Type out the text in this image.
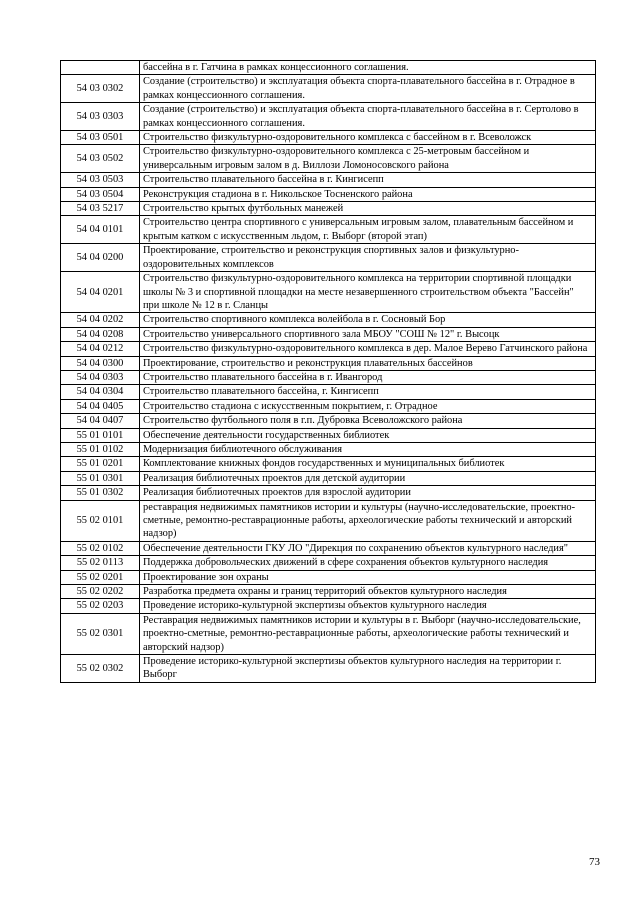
	бассейна в г. Гатчина в рамках концессионного соглашения.
54 03 0302	Создание (строительство) и эксплуатация объекта спорта-плавательного бассейна в г. Отрадное в рамках концессионного соглашения.
54 03 0303	Создание (строительство) и эксплуатация объекта спорта-плавательного бассейна в г. Сертолово в рамках концессионного соглашения.
54 03 0501	Строительство физкультурно-оздоровительного комплекса с бассейном в г. Всеволожск
54 03 0502	Строительство физкультурно-оздоровительного комплекса с 25-метровым бассейном и универсальным игровым залом в д. Виллози Ломоносовского района
54 03 0503	Строительство плавательного бассейна в г. Кингисепп
54 03 0504	Реконструкция стадиона в г. Никольское Тосненского района
54 03 5217	Строительство крытых футбольных манежей
54 04 0101	Строительство центра спортивного с универсальным игровым залом, плавательным бассейном и крытым катком с искусственным льдом, г. Выборг (второй этап)
54 04 0200	Проектирование, строительство и реконструкция спортивных залов и физкультурно-оздоровительных комплексов
54 04 0201	Строительство физкультурно-оздоровительного комплекса на территории спортивной площадки школы № 3 и спортивной площадки на месте незавершенного строительством объекта "Бассейн" при школе № 12 в г. Сланцы
54 04 0202	Строительство спортивного комплекса волейбола в г. Сосновый Бор
54 04 0208	Строительство универсального спортивного зала МБОУ "СОШ № 12" г. Высоцк
54 04 0212	Строительство физкультурно-оздоровительного комплекса в дер. Малое Верево Гатчинского района
54 04 0300	Проектирование, строительство и реконструкция плавательных бассейнов
54 04 0303	Строительство плавательного бассейна в г. Ивангород
54 04 0304	Строительство плавательного бассейна, г. Кингисепп
54 04 0405	Строительство стадиона с искусственным покрытием, г. Отрадное
54 04 0407	Строительство футбольного поля в г.п. Дубровка Всеволожского района
55 01 0101	Обеспечение деятельности государственных библиотек
55 01 0102	Модернизация библиотечного обслуживания
55 01 0201	Комплектование книжных фондов государственных и муниципальных библиотек
55 01 0301	Реализация библиотечных проектов для детской аудитории
55 01 0302	Реализация библиотечных проектов для взрослой аудитории
55 02 0101	реставрация недвижимых памятников истории и культуры (научно-исследовательские, проектно-сметные, ремонтно-реставрационные работы, археологические работы технический и авторский надзор)
55 02 0102	Обеспечение деятельности ГКУ ЛО "Дирекция по сохранению объектов культурного наследия"
55 02 0113	Поддержка добровольческих движений в сфере сохранения объектов культурного наследия
55 02 0201	Проектирование зон охраны
55 02 0202	Разработка предмета охраны и границ территорий объектов культурного наследия
55 02 0203	Проведение историко-культурной экспертизы объектов культурного наследия
55 02 0301	Реставрация недвижимых памятников истории и культуры в г. Выборг (научно-исследовательские, проектно-сметные, ремонтно-реставрационные работы, археологические работы технический и авторский надзор)
55 02 0302	Проведение историко-культурной экспертизы объектов культурного наследия на территории г. Выборг
73
